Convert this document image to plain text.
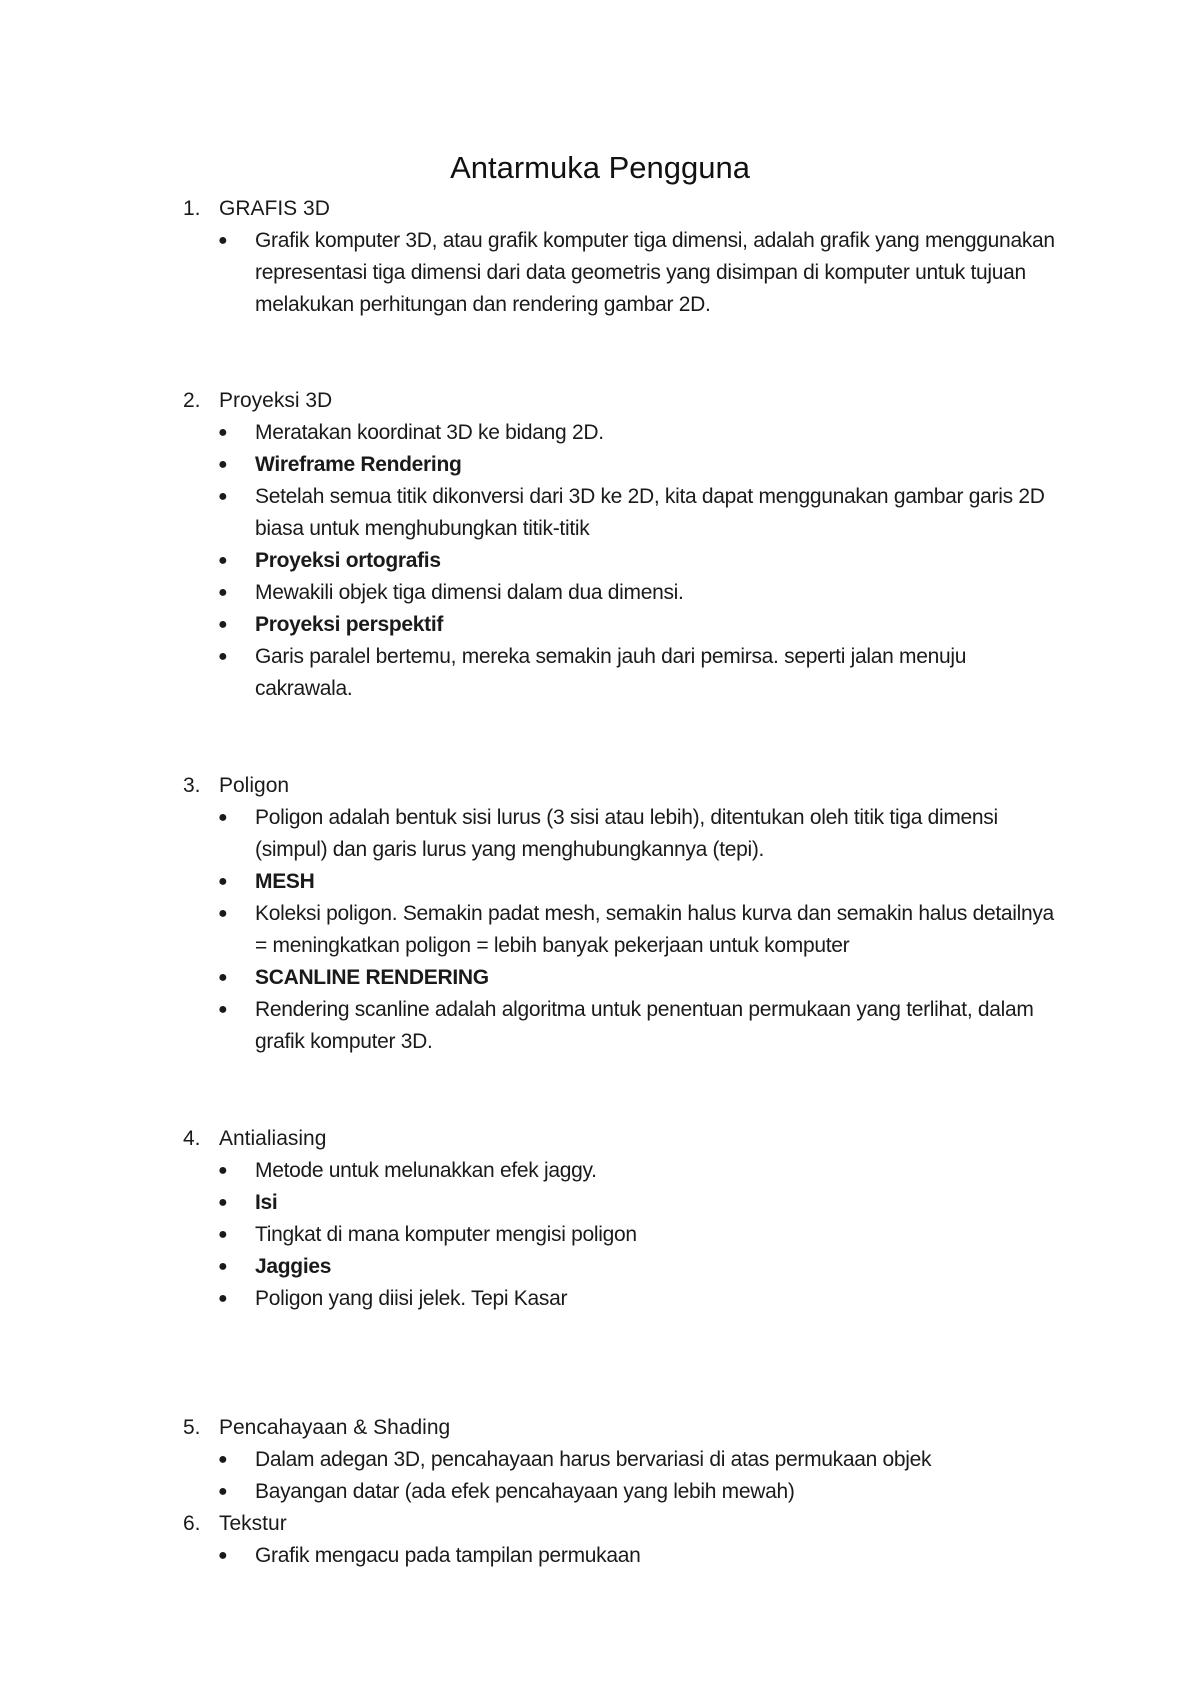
Antarmuka Pengguna
1. GRAFIS 3D
● Grafik komputer 3D, atau grafik komputer tiga dimensi, adalah grafik yang menggunakan representasi tiga dimensi dari data geometris yang disimpan di komputer untuk tujuan melakukan perhitungan dan rendering gambar 2D.
2. Proyeksi 3D
● Meratakan koordinat 3D ke bidang 2D.
● Wireframe Rendering
● Setelah semua titik dikonversi dari 3D ke 2D, kita dapat menggunakan gambar garis 2D biasa untuk menghubungkan titik-titik
● Proyeksi ortografis
● Mewakili objek tiga dimensi dalam dua dimensi.
● Proyeksi perspektif
● Garis paralel bertemu, mereka semakin jauh dari pemirsa. seperti jalan menuju cakrawala.
3. Poligon
● Poligon adalah bentuk sisi lurus (3 sisi atau lebih), ditentukan oleh titik tiga dimensi (simpul) dan garis lurus yang menghubungkannya (tepi).
● MESH
● Koleksi poligon. Semakin padat mesh, semakin halus kurva dan semakin halus detailnya = meningkatkan poligon = lebih banyak pekerjaan untuk komputer
● SCANLINE RENDERING
● Rendering scanline adalah algoritma untuk penentuan permukaan yang terlihat, dalam grafik komputer 3D.
4. Antialiasing
● Metode untuk melunakkan efek jaggy.
● Isi
● Tingkat di mana komputer mengisi poligon
● Jaggies
● Poligon yang diisi jelek. Tepi Kasar
5. Pencahayaan & Shading
● Dalam adegan 3D, pencahayaan harus bervariasi di atas permukaan objek
● Bayangan datar (ada efek pencahayaan yang lebih mewah)
6. Tekstur
● Grafik mengacu pada tampilan permukaan
